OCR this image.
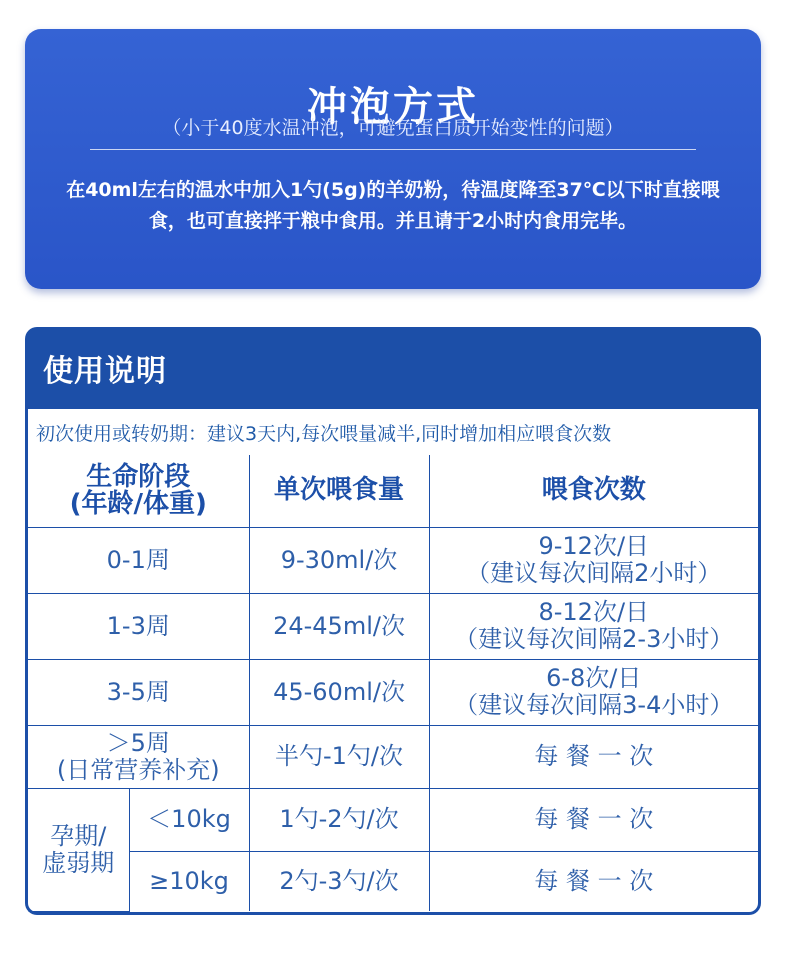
冲泡方式
（小于40度水温冲泡，可避免蛋白质开始变性的问题）
在40ml左右的温水中加入1勺(5g)的羊奶粉，待温度降至37℃以下时直接喂食，也可直接拌于粮中食用。并且请于2小时内食用完毕。
使用说明
初次使用或转奶期：建议3天内,每次喂量减半,同时增加相应喂食次数
生命阶段
(年龄/体重)		单次喂食量	喂食次数
0-1周		9-30ml/次	9-12次/日
（建议每次间隔2小时）

1-3周		24-45ml/次	8-12次/日
（建议每次间隔2-3小时）

3-5周		45-60ml/次	6-8次/日
（建议每次间隔3-4小时）

＞5周
(日常营养补充)		半勺-1勺/次	每 餐 一 次

孕期/
虚弱期	＜10kg	1勺-2勺/次	每 餐 一 次
	≥10kg	2勺-3勺/次	每 餐 一 次
